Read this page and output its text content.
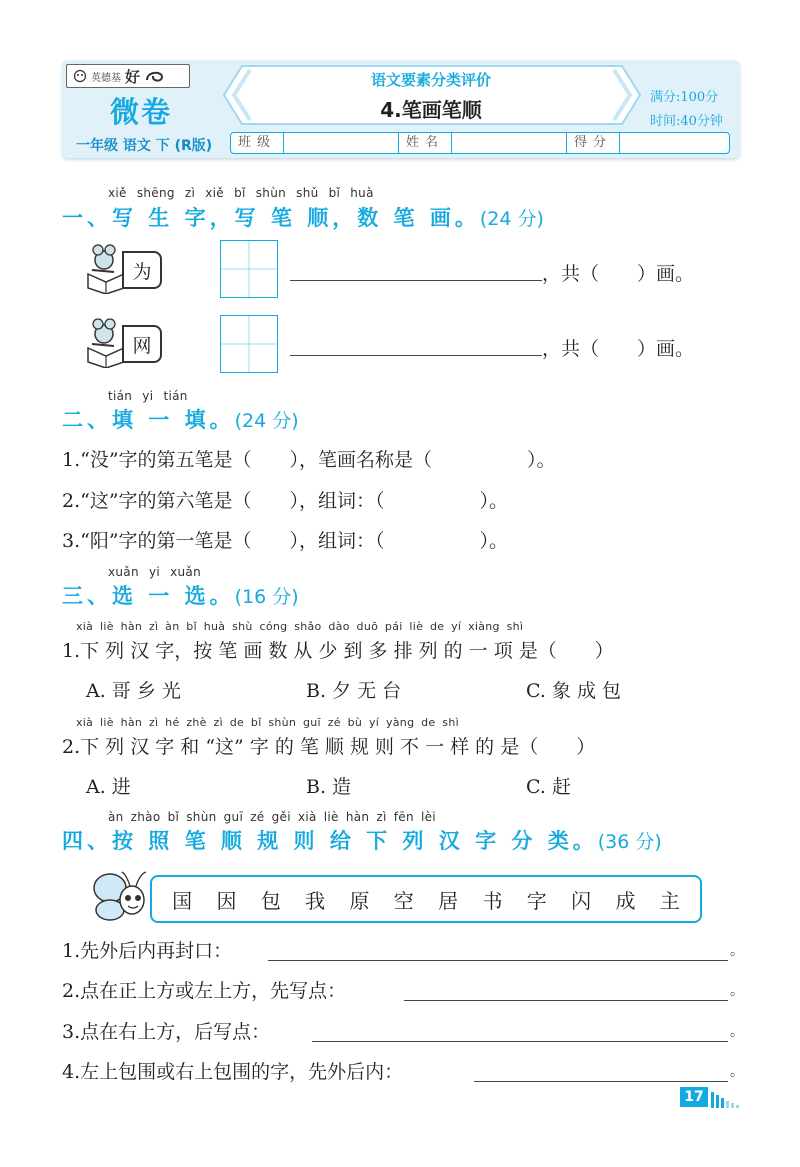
英德基 好
微卷
一年级 语文 下 (R版)
语文要素分类评价
4.笔画笔顺
满分:100分
时间:40分钟
班级	姓名	得分
xiě shēng zì xiě bǐ shùn shǔ bǐ huà
一、写 生 字，写 笔 顺，数 笔 画。(24 分)
为	，共（　　）画。
网	，共（　　）画。
tián yi tián
二、填 一 填。(24 分)
1.“没”字的第五笔是（　　），笔画名称是（　　　　　）。
2.“这”字的第六笔是（　　），组词：（　　　　　）。
3.“阳”字的第一笔是（　　），组词：（　　　　　）。
xuǎn yi xuǎn
三、选 一 选。(16 分)
xià liè hàn zì àn bǐ huà shù cóng shǎo dào duō pái liè de yí xiàng shì
1.下 列 汉 字，按 笔 画 数 从 少 到 多 排 列 的 一 项 是（　　）
A. 哥 乡 光	B. 夕 无 台	C. 象 成 包
xià liè hàn zì hé zhè zì de bǐ shùn guī zé bù yí yàng de shì
2.下 列 汉 字 和 “这” 字 的 笔 顺 规 则 不 一 样 的 是（　　）
A. 进	B. 造	C. 赶
àn zhào bǐ shùn guī zé gěi xià liè hàn zì fēn lèi
四、按 照 笔 顺 规 则 给 下 列 汉 字 分 类。(36 分)
国 因 包 我 原 空 居 书 字 闪 成 主
1.先外后内再封口：	。
2.点在正上方或左上方，先写点：	。
3.点在右上方，后写点：	。
4.左上包围或右上包围的字，先外后内：	。
17
